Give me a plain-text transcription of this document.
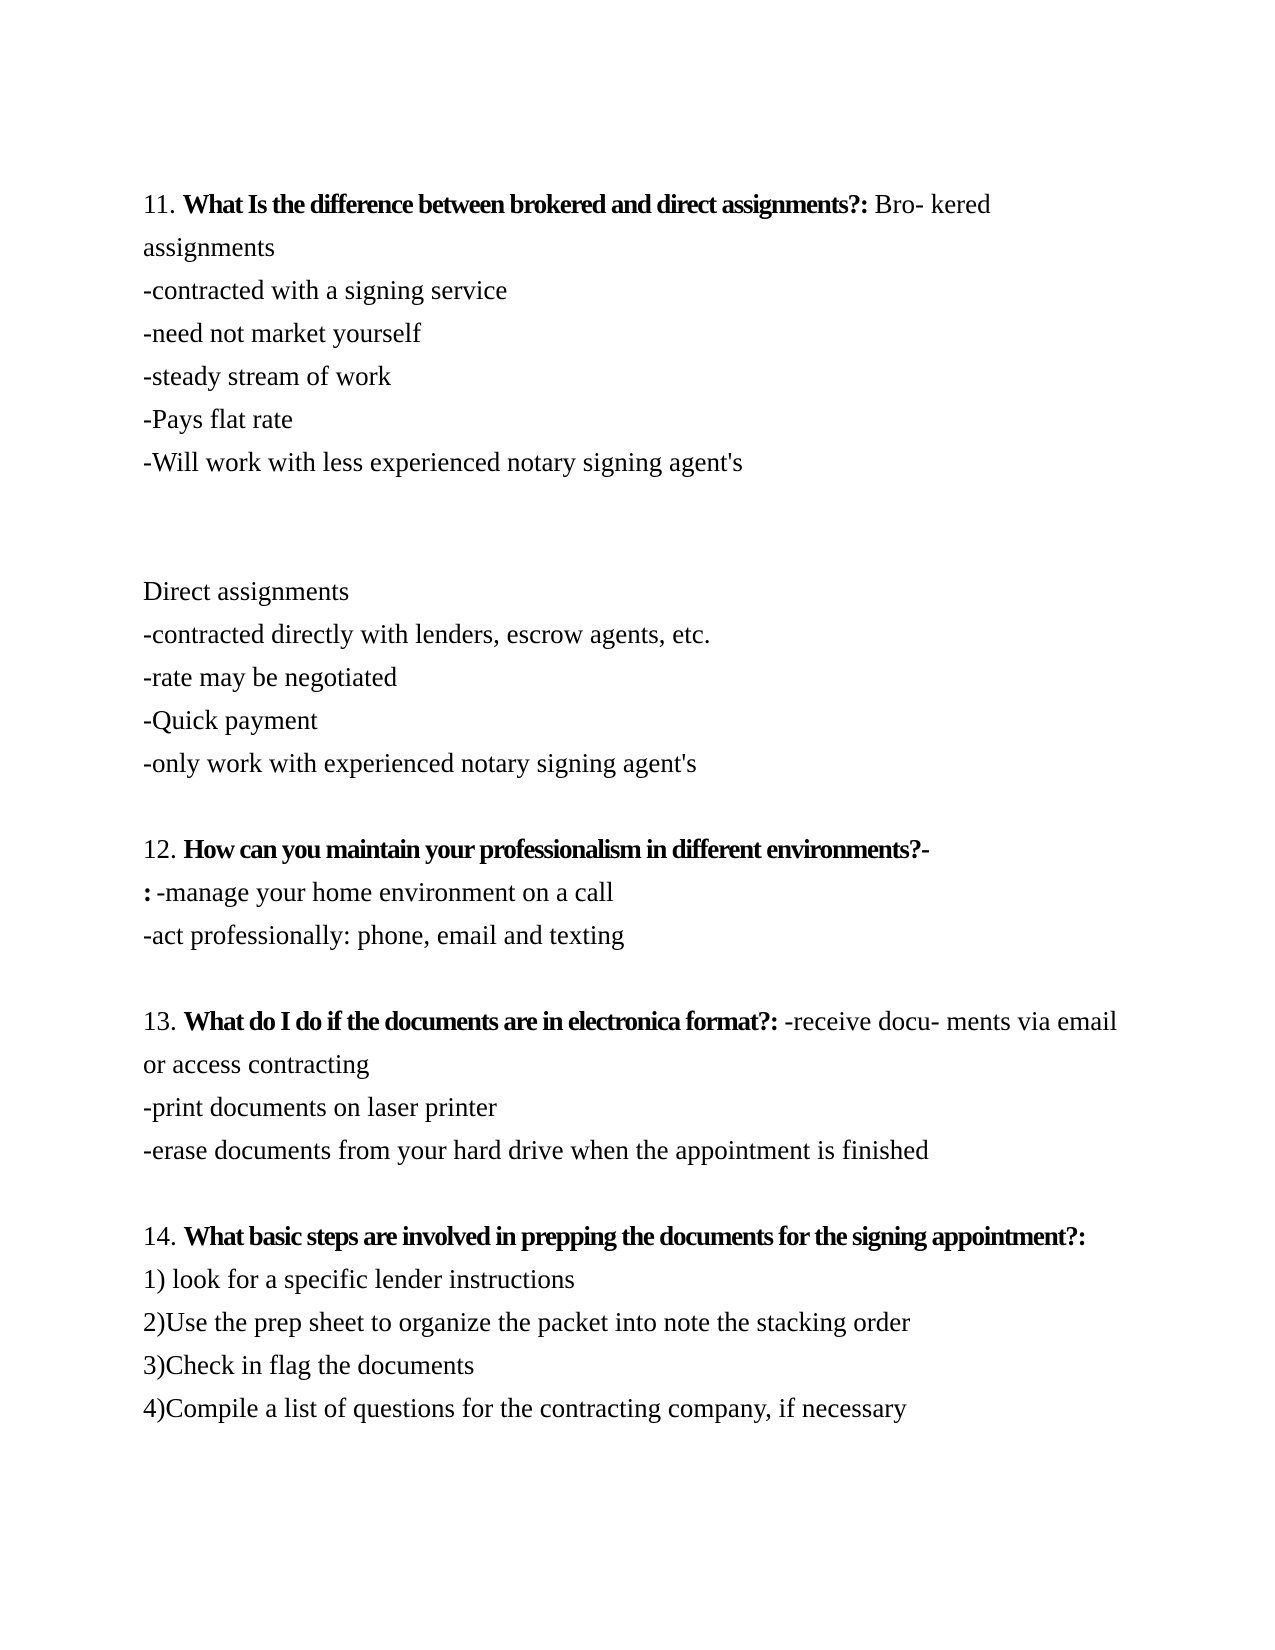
11. What Is the difference between brokered and direct assignments?: Bro- kered
assignments
-contracted with a signing service
-need not market yourself
-steady stream of work
-Pays flat rate
-Will work with less experienced notary signing agent's
Direct assignments
-contracted directly with lenders, escrow agents, etc.
-rate may be negotiated
-Quick payment
-only work with experienced notary signing agent's
12. How can you maintain your professionalism in different environments?-
: -manage your home environment on a call
-act professionally: phone, email and texting
13. What do I do if the documents are in electronica format?: -receive docu- ments via email
or access contracting
-print documents on laser printer
-erase documents from your hard drive when the appointment is finished
14. What basic steps are involved in prepping the documents for the signing appointment?:
1) look for a specific lender instructions
2)Use the prep sheet to organize the packet into note the stacking order
3)Check in flag the documents
4)Compile a list of questions for the contracting company, if necessary
